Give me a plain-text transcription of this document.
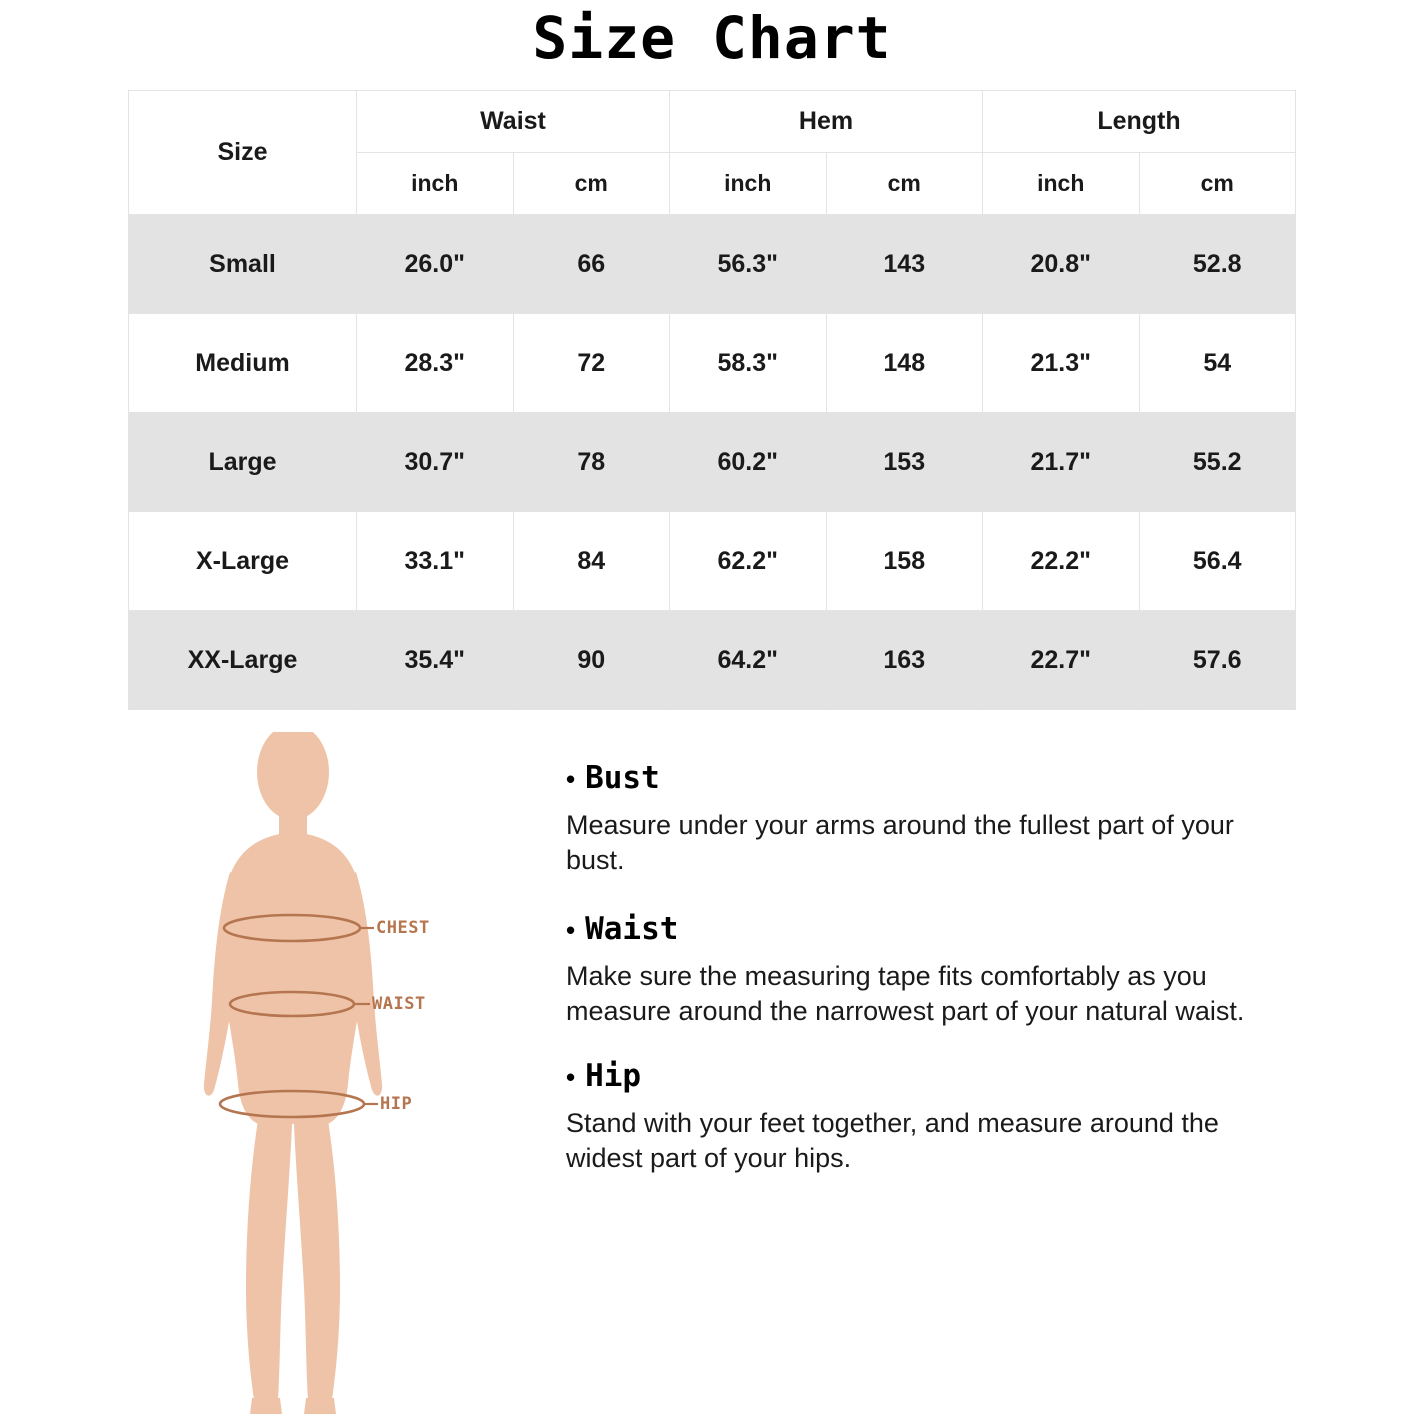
Size Chart
Size	Waist		Hem		Length	
	inch	cm	inch	cm	inch	cm
Small	26.0"	66	56.3"	143	20.8"	52.8
Medium	28.3"	72	58.3"	148	21.3"	54
Large	30.7"	78	60.2"	153	21.7"	55.2
X-Large	33.1"	84	62.2"	158	22.2"	56.4
XX-Large	35.4"	90	64.2"	163	22.7"	57.6
CHEST
WAIST
HIP
• Bust

Measure under your arms around the fullest part of your bust.

• Waist

Make sure the measuring tape fits comfortably as you measure around the narrowest part of your natural waist.

• Hip

Stand with your feet together, and measure around the widest part of your hips.
